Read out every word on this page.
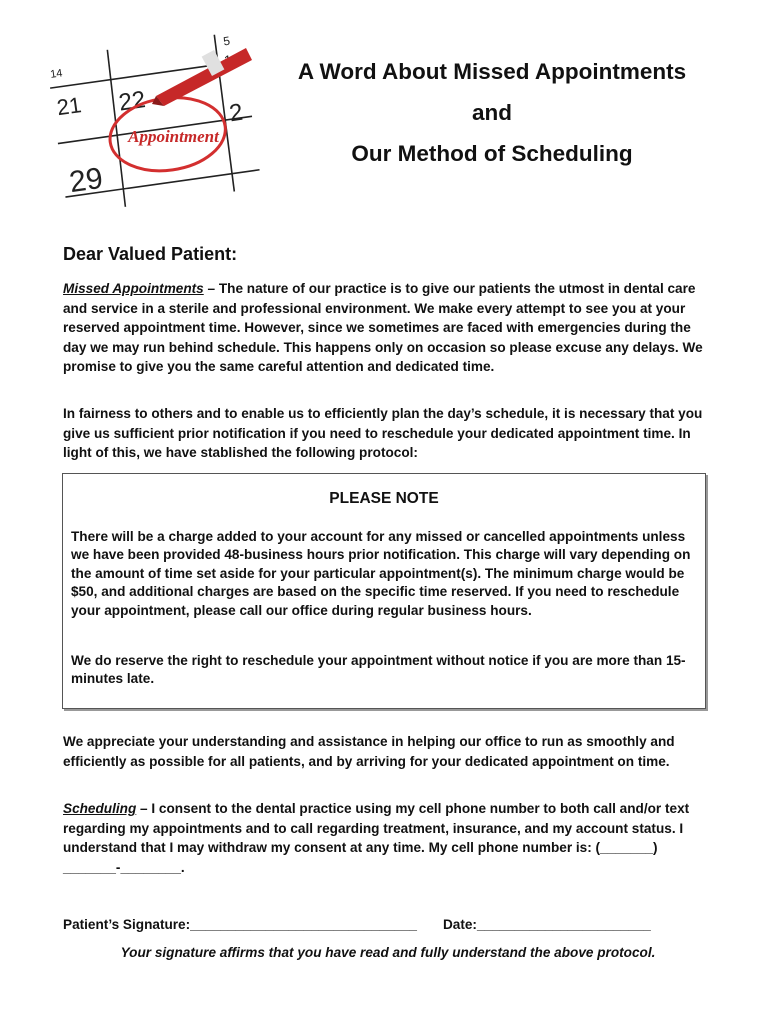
21 22
29
2
5
14
Appointment
A Word About Missed Appointments
and
Our Method of Scheduling
Dear Valued Patient:

Missed Appointments – The nature of our practice is to give our patients the utmost in dental care and service in a sterile and professional environment. We make every attempt to see you at your reserved appointment time. However, since we sometimes are faced with emergencies during the day we may run behind schedule. This happens only on occasion so please excuse any delays. We promise to give you the same careful attention and dedicated time.

In fairness to others and to enable us to efficiently plan the day’s schedule, it is necessary that you give us sufficient prior notification if you need to reschedule your dedicated appointment time. In light of this, we have stablished the following protocol:

PLEASE NOTE

There will be a charge added to your account for any missed or cancelled appointments unless we have been provided 48-business hours prior notification. This charge will vary depending on the amount of time set aside for your particular appointment(s). The minimum charge would be $50, and additional charges are based on the specific time reserved. If you need to reschedule your appointment, please call our office during regular business hours.

We do reserve the right to reschedule your appointment without notice if you are more than 15-minutes late.

We appreciate your understanding and assistance in helping our office to run as smoothly and efficiently as possible for all patients, and by arriving for your dedicated appointment on time.

Scheduling – I consent to the dental practice using my cell phone number to both call and/or text regarding my appointments and to call regarding treatment, insurance, and my account status. I understand that I may withdraw my consent at any time. My cell phone number is: (_______) _______-________.

Patient’s Signature:______________________________ Date:_______________________
Your signature affirms that you have read and fully understand the above protocol.
